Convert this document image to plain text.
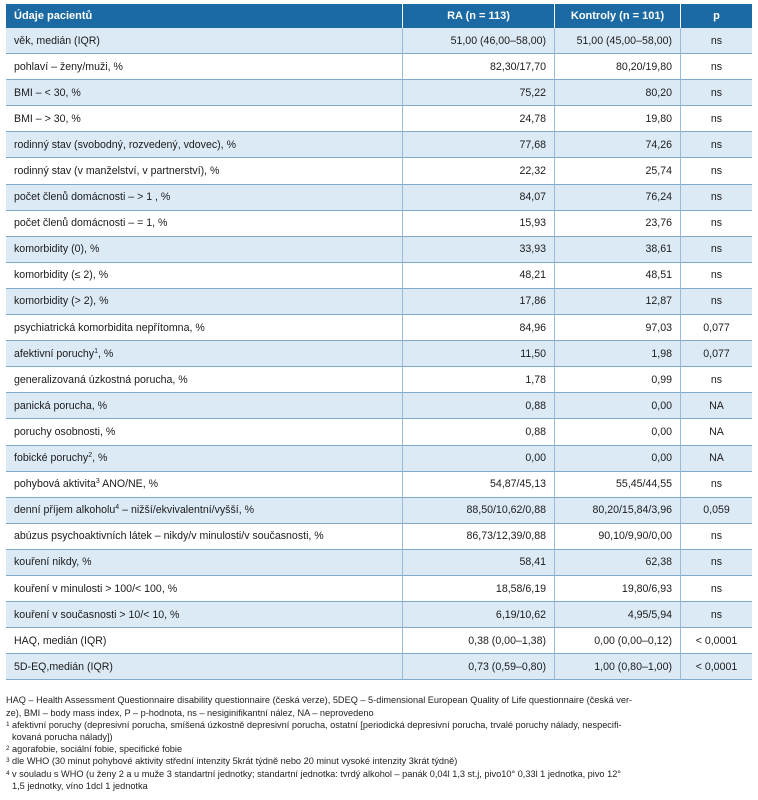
Údaje pacientů	RA (n = 113)	Kontroly (n = 101)	p
věk, medián (IQR)	51,00 (46,00–58,00)	51,00 (45,00–58,00)	ns
pohlaví – ženy/muži, %	82,30/17,70	80,20/19,80	ns
BMI – < 30, %	75,22	80,20	ns
BMI – > 30, %	24,78	19,80	ns
rodinný stav (svobodný, rozvedený, vdovec), %	77,68	74,26	ns
rodinný stav (v manželství, v partnerství), %	22,32	25,74	ns
počet členů domácnosti – > 1 , %	84,07	76,24	ns
počet členů domácnosti – = 1, %	15,93	23,76	ns
komorbidity (0), %	33,93	38,61	ns
komorbidity (≤ 2), %	48,21	48,51	ns
komorbidity (> 2), %	17,86	12,87	ns
psychiatrická komorbidita nepřítomna, %	84,96	97,03	0,077
afektivní poruchy$^1$, %	11,50	1,98	0,077
generalizovaná úzkostná porucha, %	1,78	0,99	ns
panická porucha, %	0,88	0,00	NA
poruchy osobnosti, %	0,88	0,00	NA
fobické poruchy$^2$, %	0,00	0,00	NA
pohybová aktivita$^3$ ANO/NE, %	54,87/45,13	55,45/44,55	ns
denní příjem alkoholu$^4$ – nižší/ekvivalentní/vyšší, %	88,50/10,62/0,88	80,20/15,84/3,96	0,059
abúzus psychoaktivních látek – nikdy/v minulosti/v současnosti, %	86,73/12,39/0,88	90,10/9,90/0,00	ns
kouření nikdy, %	58,41	62,38	ns
kouření v minulosti > 100/< 100, %	18,58/6,19	19,80/6,93	ns
kouření v současnosti > 10/< 10, %	6,19/10,62	4,95/5,94	ns
HAQ, medián (IQR)	0,38 (0,00–1,38)	0,00 (0,00–0,12)	< 0,0001
5D-EQ,medián (IQR)	0,73 (0,59–0,80)	1,00 (0,80–1,00)	< 0,0001

HAQ – Health Assessment Questionnaire disability questionnaire (česká verze), 5DEQ – 5-dimensional European Quality of Life questionnaire (česká ver-

ze), BMI – body mass index, P – p-hodnota, ns – nesiginifikantní nález, NA – neprovedeno

1 afektivní poruchy (depresivní porucha, smíšená úzkostně depresivní porucha, ostatní [periodická depresivní porucha, trvalé poruchy nálady, nespecifi-

kovaná porucha nálady])

2 agorafobie, sociální fobie, specifické fobie

3 dle WHO (30 minut pohybové aktivity střední intenzity 5krát týdně nebo 20 minut vysoké intenzity 3krát týdně)

4 v souladu s WHO (u ženy 2 a u muže 3 standartní jednotky; standartní jednotka: tvrdý alkohol – panák 0,04l 1,3 st.j, pivo10° 0,33l 1 jednotka, pivo 12°

1,5 jednotky, víno 1dcl 1 jednotka
